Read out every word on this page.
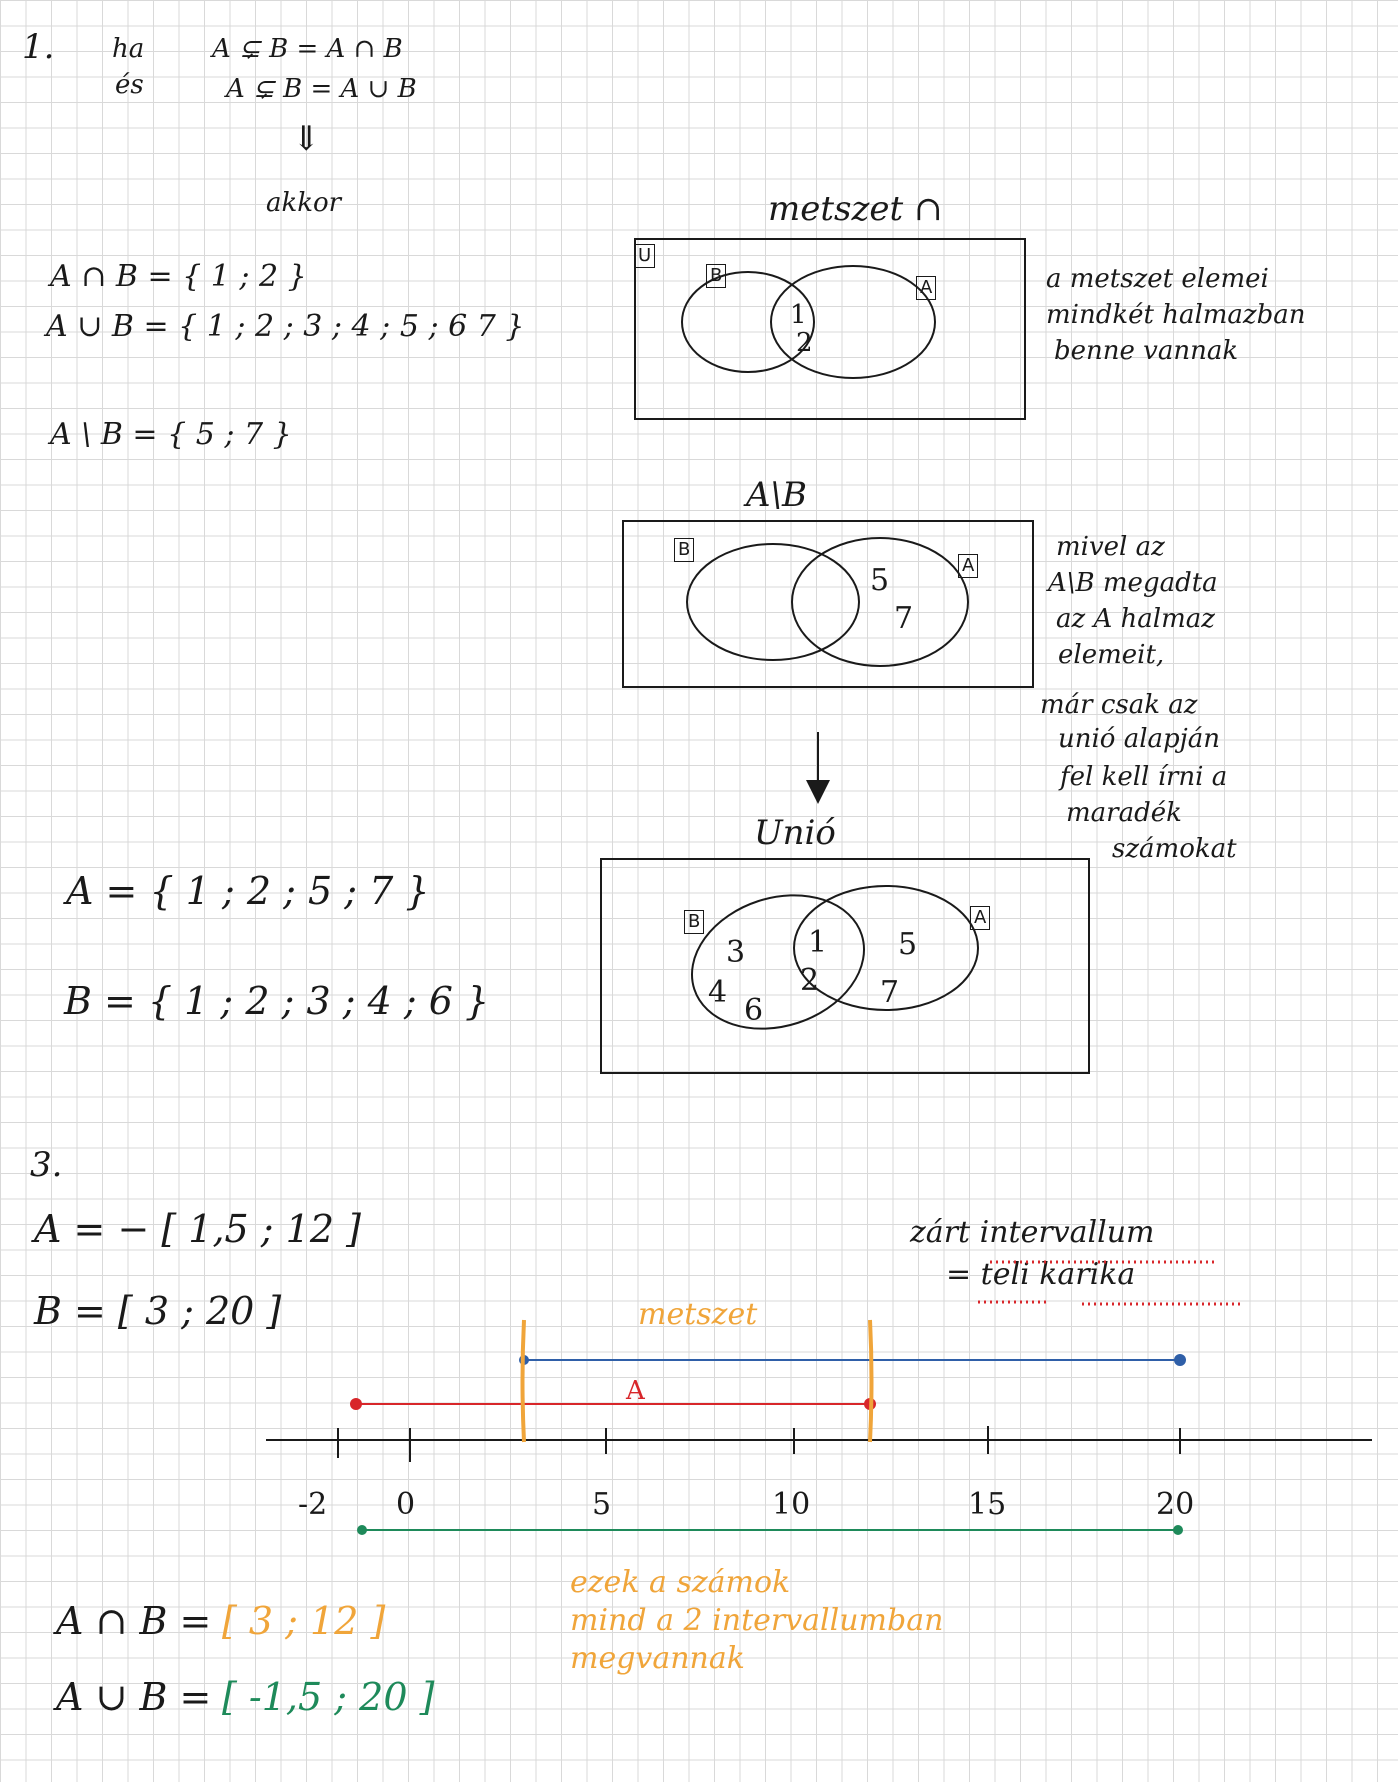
1. ha
és
A ⊊ B = A ∩ B
A ⊊ B = A ∪ B
⇓
akkor
A ∩ B = { 1 ; 2 }
A ∪ B = { 1 ; 2 ; 3 ; 4 ; 5 ; 6 7 }
A \ B = { 5 ; 7 }
A = { 1 ; 2 ; 5 ; 7 }
B = { 1 ; 2 ; 3 ; 4 ; 6 }
metszet ∩
U
B
A
1
2
a metszet elemei
mindkét halmazban
benne vannak
A\B
B
A
5
7
mivel az
A\B megadta
az A halmaz
elemeit,
már csak az
unió alapján
fel kell írni a
maradék
számokat
Unió
B	A
3
4
6
1
2
5
7
3.
A = − [ 1,5 ; 12 ]
B = [ 3 ; 20 ]
zárt intervallum
= teli karika
metszet
A
-2 0	5	10	15	20
ezek a számok
mind a 2 intervallumban
megvannak
A ∩ B = [ 3 ; 12 ]
A ∪ B = [ -1,5 ; 20 ]
